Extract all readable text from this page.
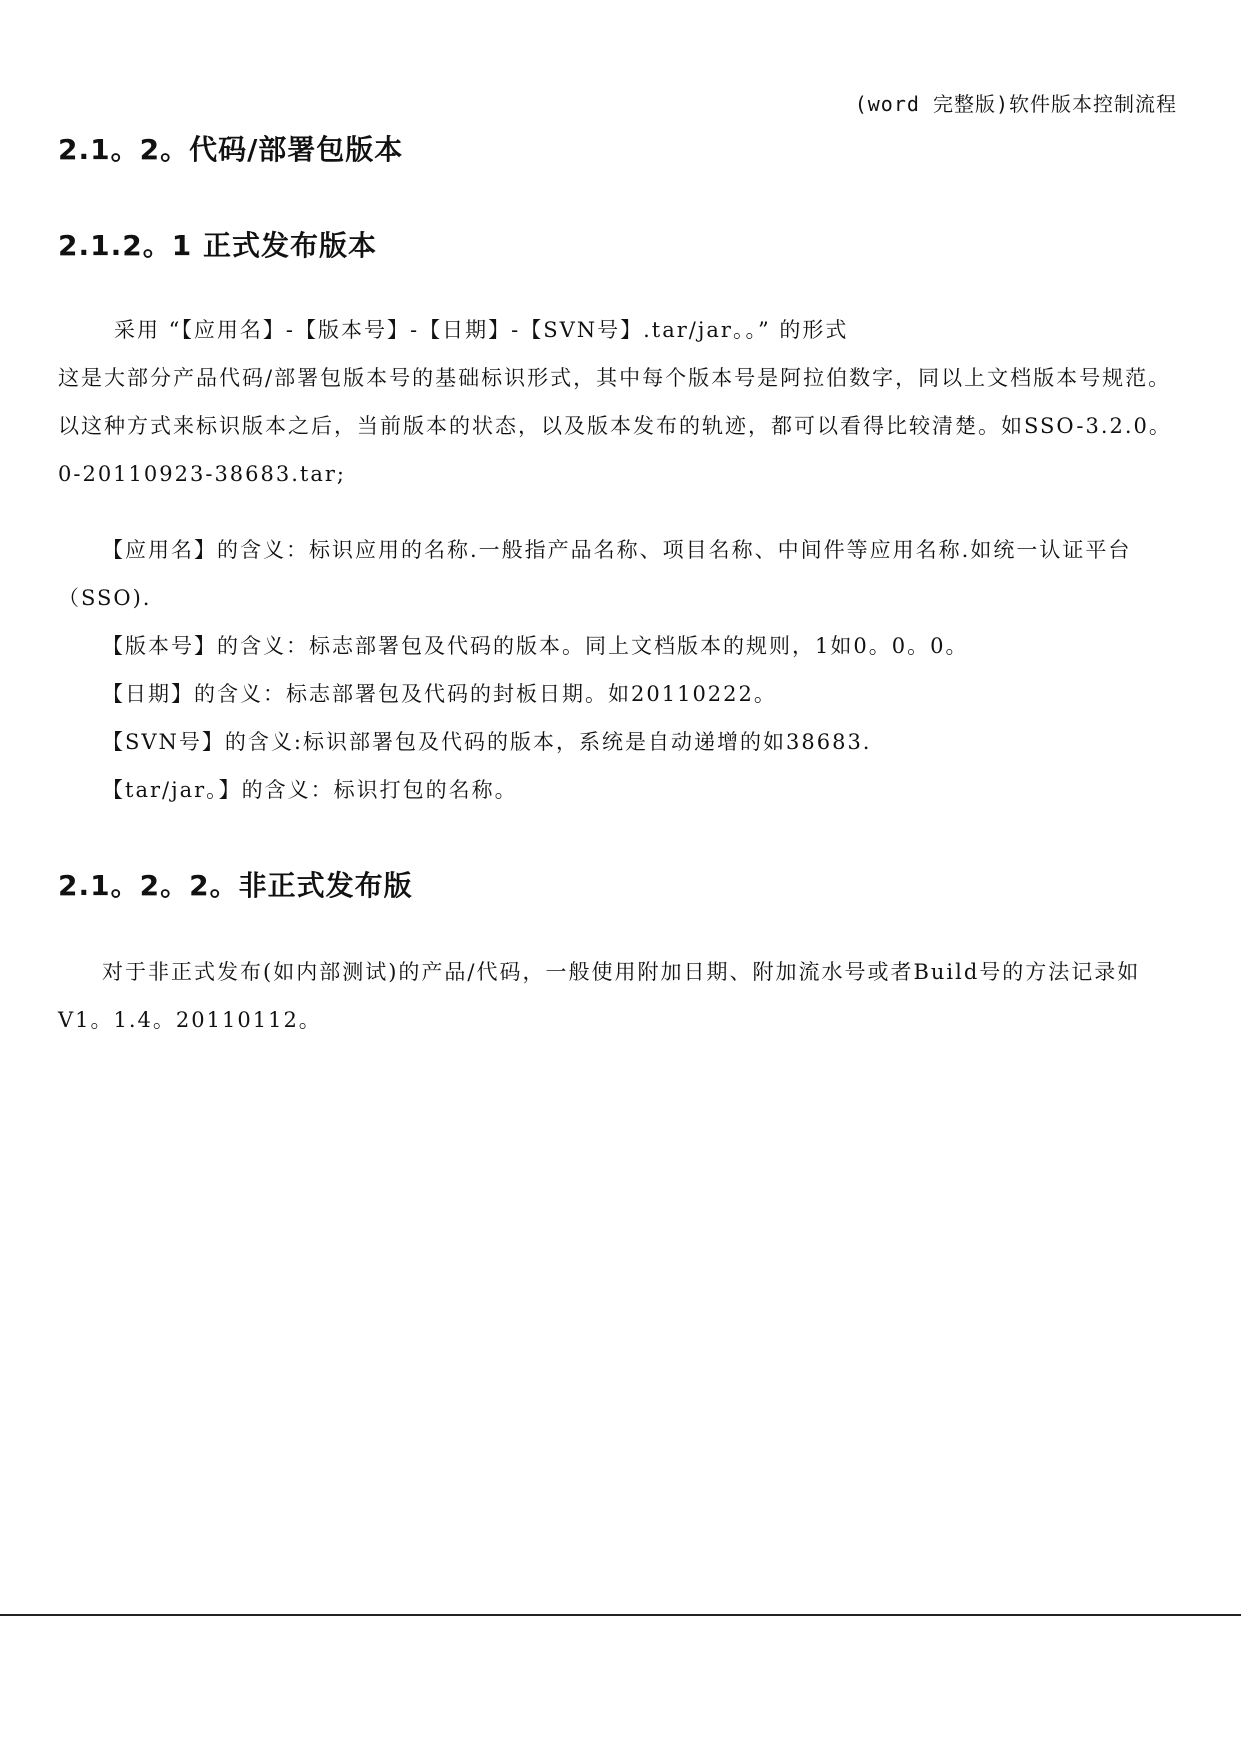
(word 完整版)软件版本控制流程
2.1。2。代码/部署包版本
2.1.2。1 正式发布版本

采用 “【应用名】-【版本号】-【日期】-【SVN号】.tar/jar。。” 的形式

这是大部分产品代码/部署包版本号的基础标识形式，其中每个版本号是阿拉伯数字，同以上文档版本号规范。以这种方式来标识版本之后，当前版本的状态，以及版本发布的轨迹，都可以看得比较清楚。如SSO-3.2.0。0-20110923-38683.tar;

【应用名】的含义：标识应用的名称.一般指产品名称、项目名称、中间件等应用名称.如统一认证平台（SSO).

【版本号】的含义：标志部署包及代码的版本。同上文档版本的规则，1如0。0。0。

【日期】的含义：标志部署包及代码的封板日期。如20110222。

【SVN号】的含义:标识部署包及代码的版本，系统是自动递增的如38683.

【tar/jar。】的含义：标识打包的名称。

2.1。2。2。非正式发布版

对于非正式发布(如内部测试)的产品/代码，一般使用附加日期、附加流水号或者Build号的方法记录如V1。1.4。20110112。
